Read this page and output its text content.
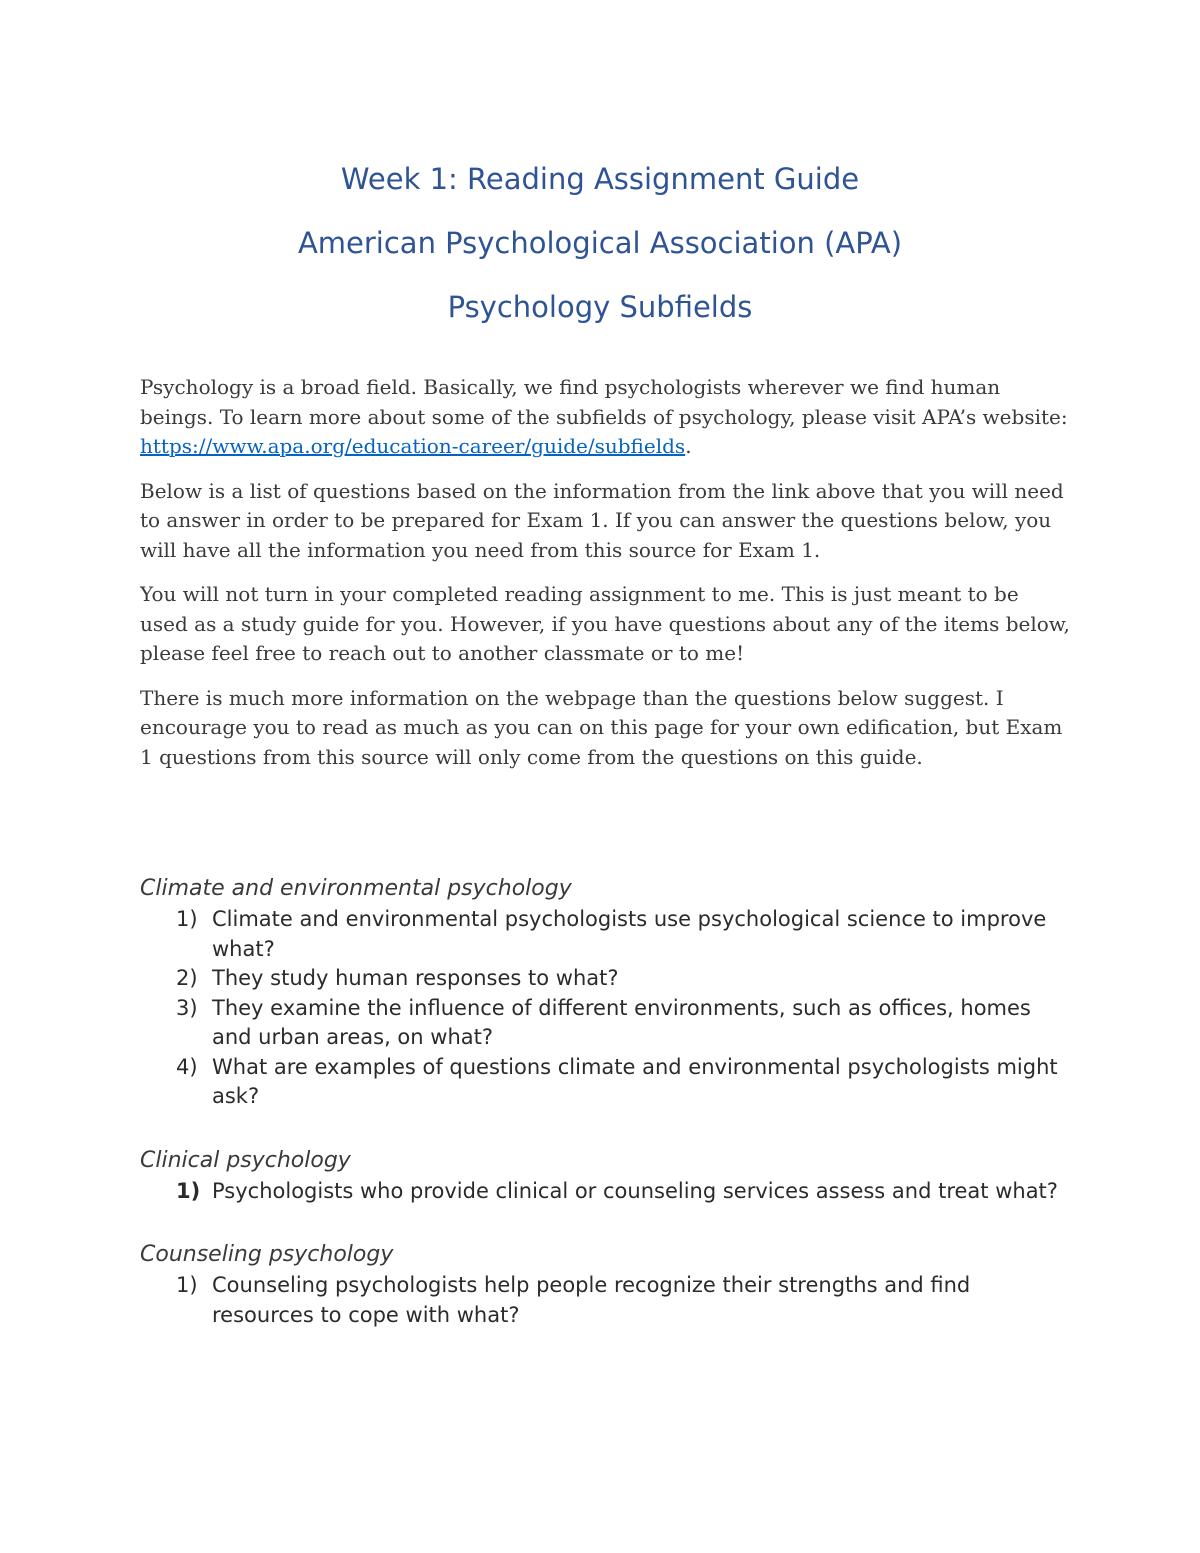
Week 1: Reading Assignment Guide
American Psychological Association (APA)
Psychology Subfields

Psychology is a broad field. Basically, we find psychologists wherever we find human beings. To learn more about some of the subfields of psychology, please visit APA’s website: https://www.apa.org/education-career/guide/subfields.

Below is a list of questions based on the information from the link above that you will need to answer in order to be prepared for Exam 1. If you can answer the questions below, you will have all the information you need from this source for Exam 1.

You will not turn in your completed reading assignment to me. This is just meant to be used as a study guide for you. However, if you have questions about any of the items below, please feel free to reach out to another classmate or to me!

There is much more information on the webpage than the questions below suggest. I encourage you to read as much as you can on this page for your own edification, but Exam 1 questions from this source will only come from the questions on this guide.

Climate and environmental psychology
1) Climate and environmental psychologists use psychological science to improve what?
2) They study human responses to what?
3) They examine the influence of different environments, such as offices, homes and urban areas, on what?
4) What are examples of questions climate and environmental psychologists might ask?
Clinical psychology
1) Psychologists who provide clinical or counseling services assess and treat what?
Counseling psychology
1) Counseling psychologists help people recognize their strengths and find resources to cope with what?
